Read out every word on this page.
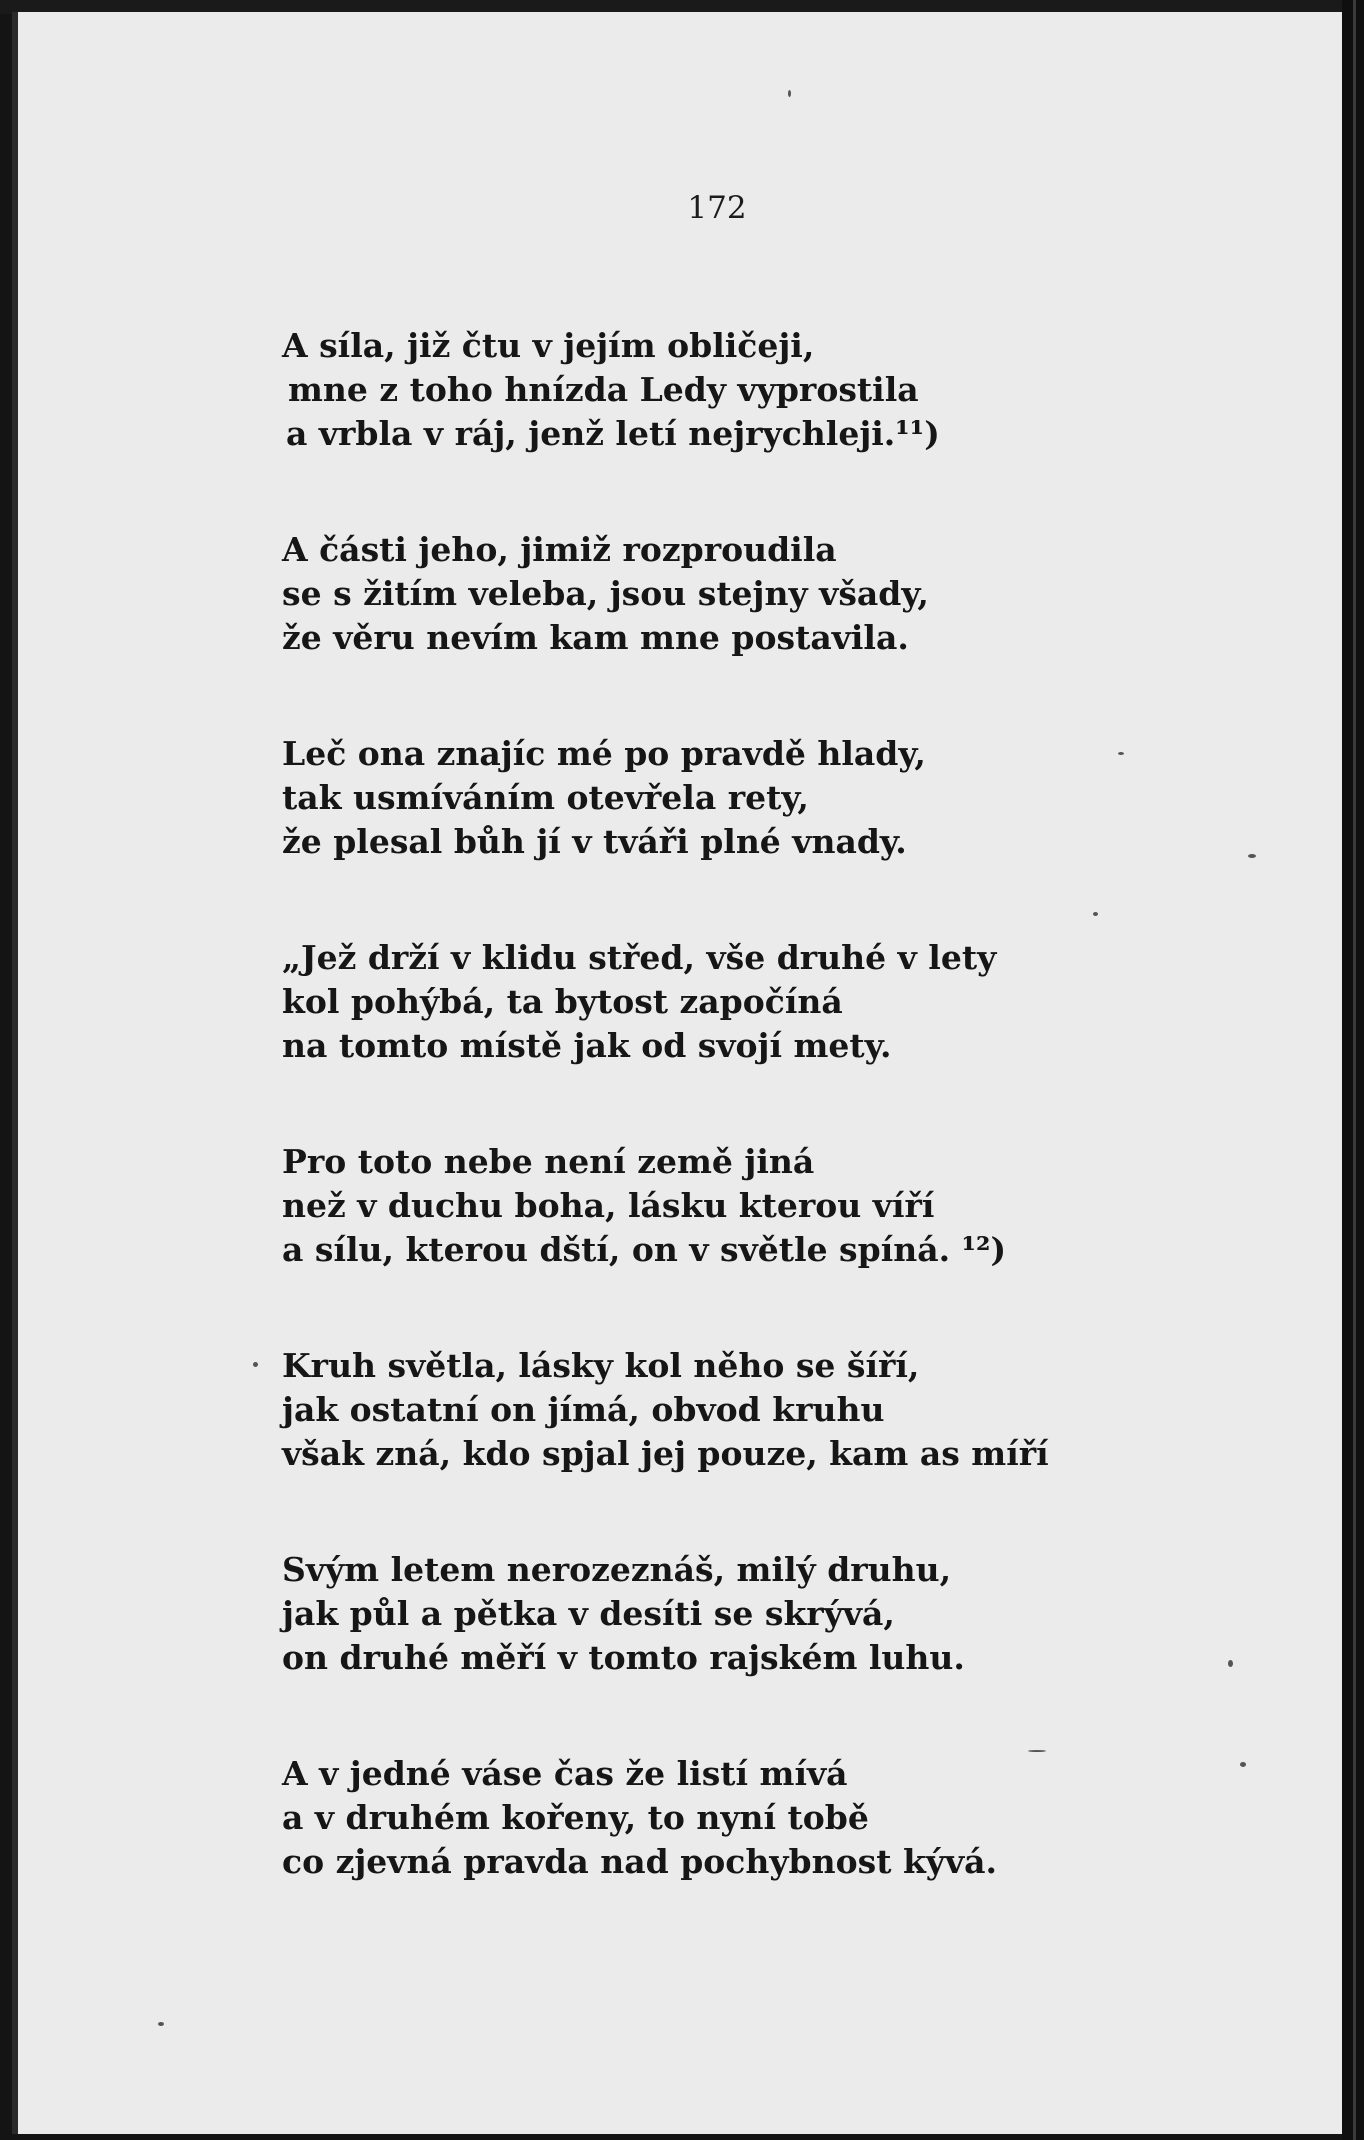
172

A síla, již čtu v jejím obličeji,
mne z toho hnízda Ledy vyprostila
a vrbla v ráj, jenž letí nejrychleji.¹¹)

A části jeho, jimiž rozproudila
se s žitím veleba, jsou stejny všady,
že věru nevím kam mne postavila.

Leč ona znajíc mé po pravdě hlady,
tak usmíváním otevřela rety,
že plesal bůh jí v tváři plné vnady.

„Jež drží v klidu střed, vše druhé v lety
kol pohýbá, ta bytost započíná
na tomto místě jak od svojí mety.

Pro toto nebe není země jiná
než v duchu boha, lásku kterou víří
a sílu, kterou dští, on v světle spíná. ¹²)

Kruh světla, lásky kol něho se šíří,
jak ostatní on jímá, obvod kruhu
však zná, kdo spjal jej pouze, kam as míří

Svým letem nerozeznáš, milý druhu,
jak půl a pětka v desíti se skrývá,
on druhé měří v tomto rajském luhu.

A v jedné váse čas že listí mívá
a v druhém kořeny, to nyní tobě
co zjevná pravda nad pochybnost kývá.
